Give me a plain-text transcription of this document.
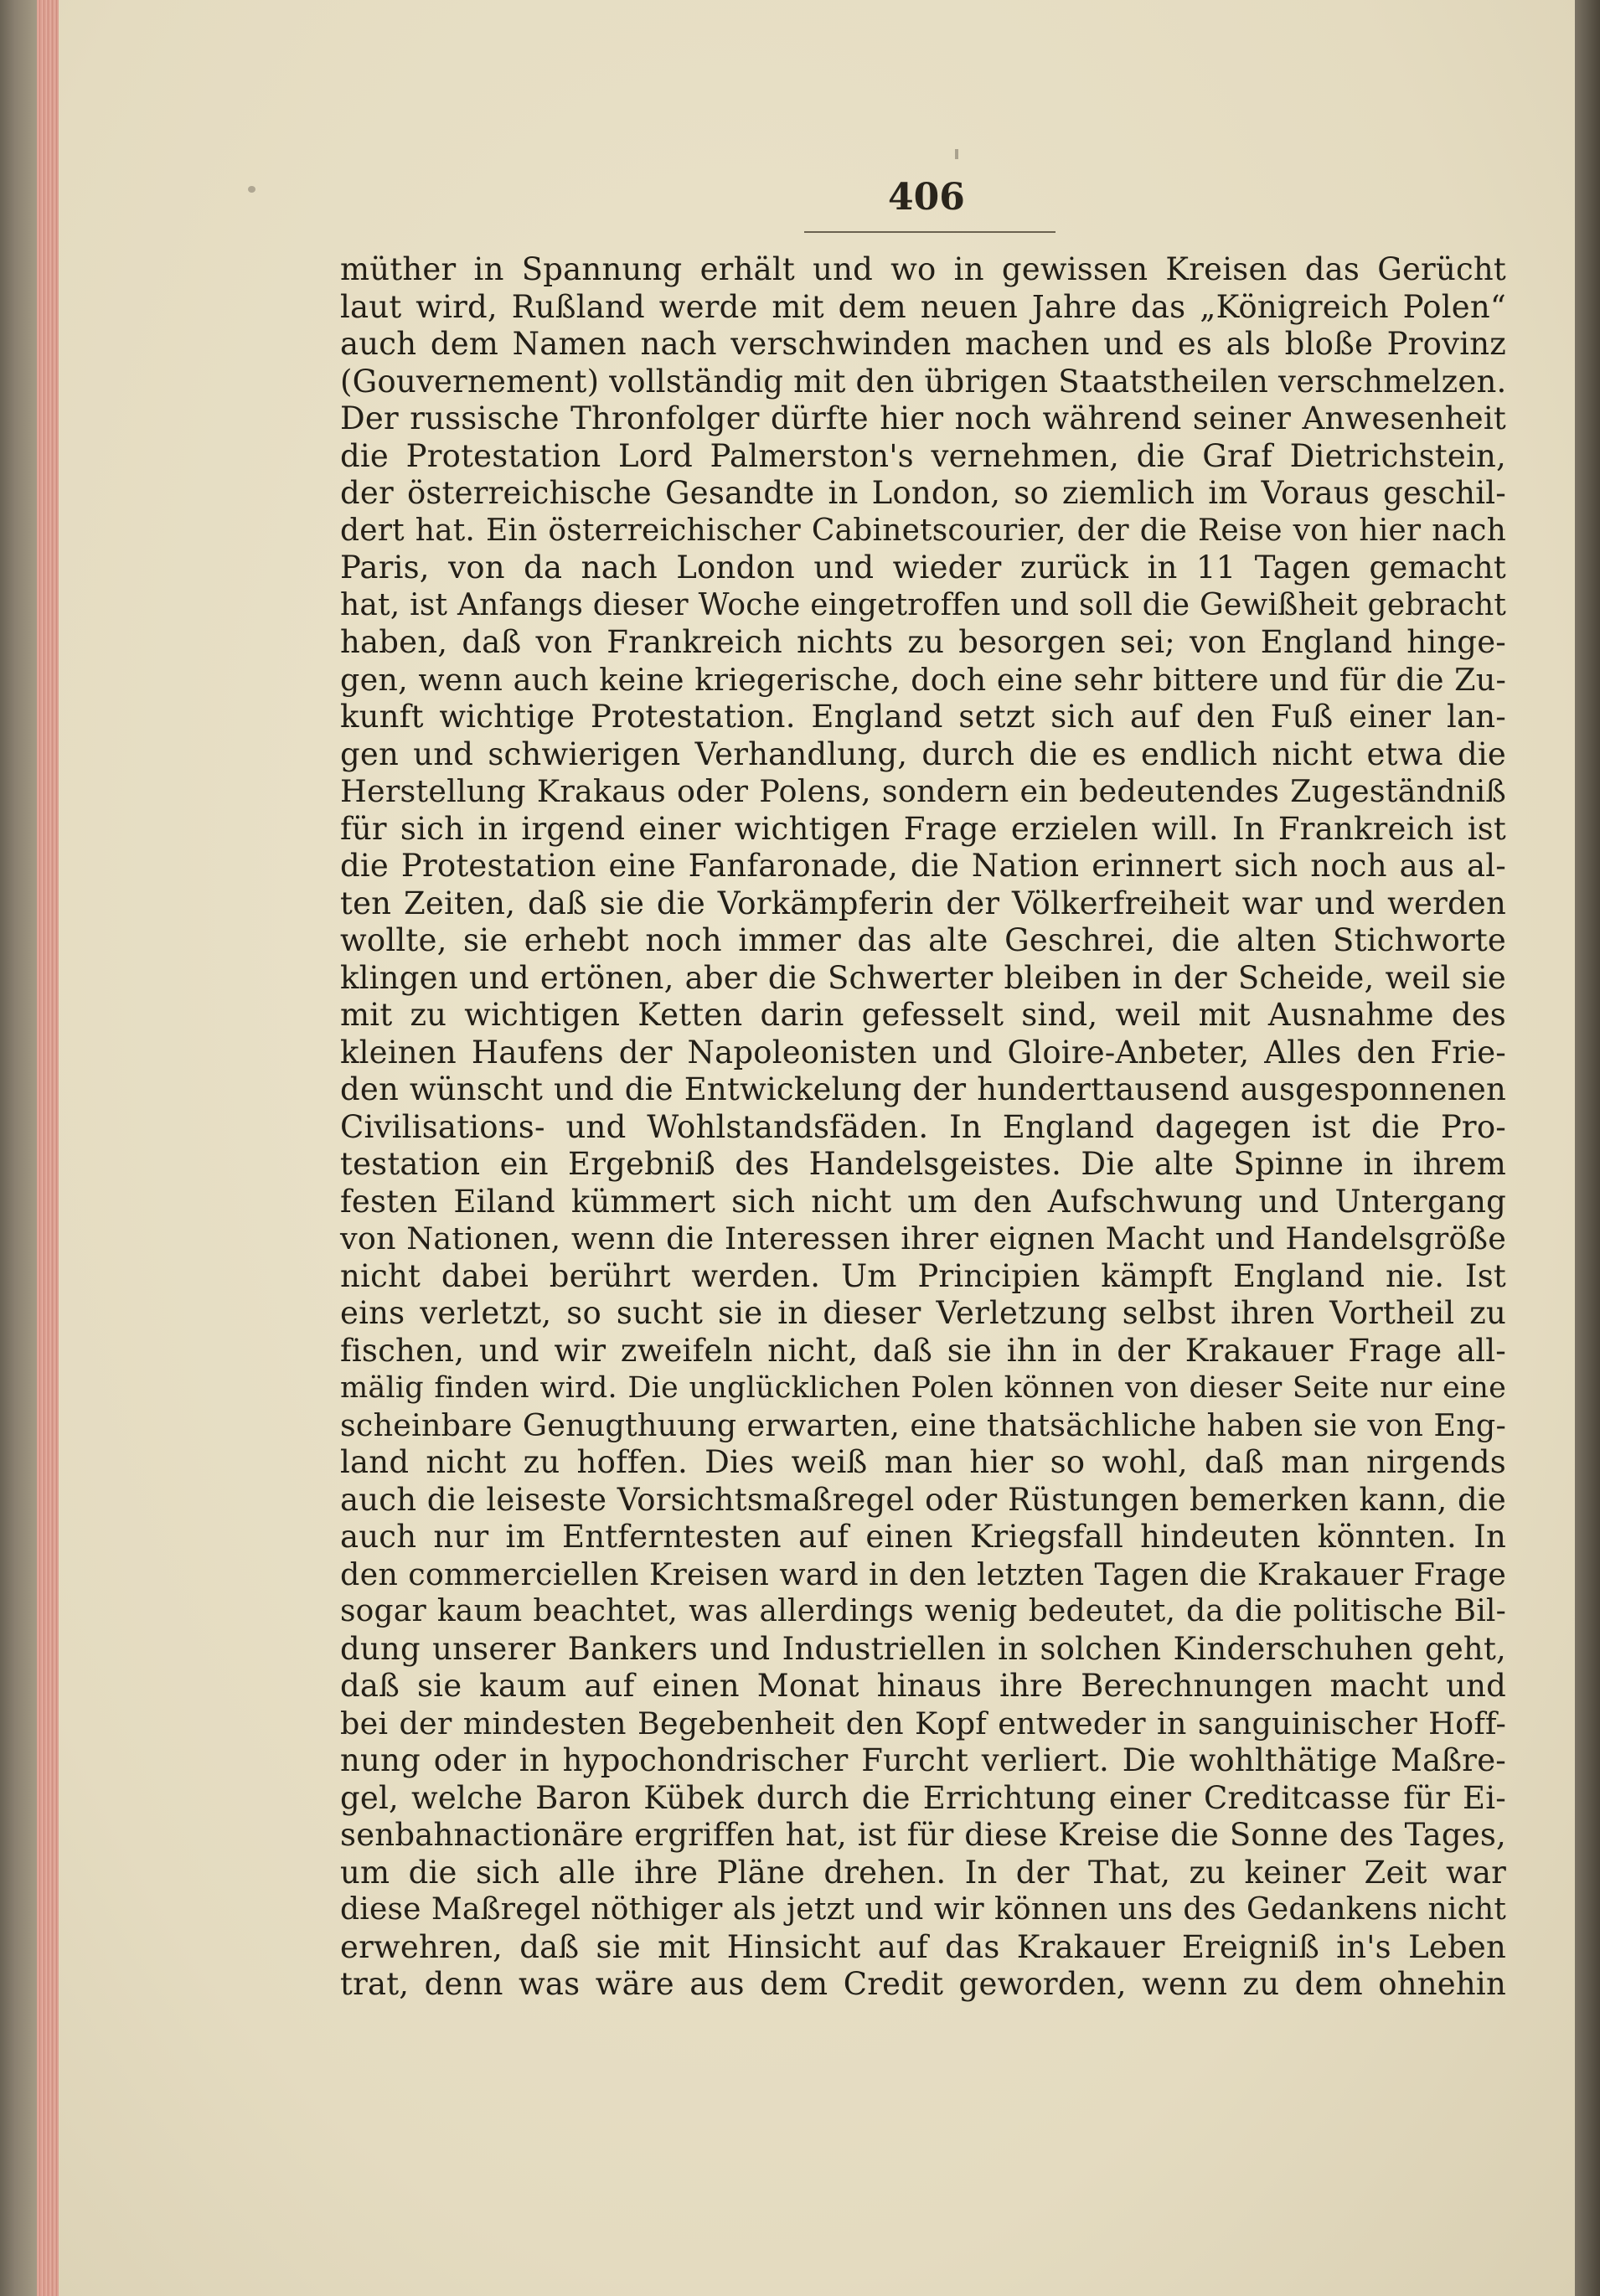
406
müther in Spannung erhält und wo in gewissen Kreisen das Gerücht
laut wird, Rußland werde mit dem neuen Jahre das „Königreich Polen“
auch dem Namen nach verschwinden machen und es als bloße Provinz
(Gouvernement) vollständig mit den übrigen Staatstheilen verschmelzen.
Der russische Thronfolger dürfte hier noch während seiner Anwesenheit
die Protestation Lord Palmerston's vernehmen, die Graf Dietrichstein,
der österreichische Gesandte in London, so ziemlich im Voraus geschil-
dert hat. Ein österreichischer Cabinetscourier, der die Reise von hier nach
Paris, von da nach London und wieder zurück in 11 Tagen gemacht
hat, ist Anfangs dieser Woche eingetroffen und soll die Gewißheit gebracht
haben, daß von Frankreich nichts zu besorgen sei; von England hinge-
gen, wenn auch keine kriegerische, doch eine sehr bittere und für die Zu-
kunft wichtige Protestation. England setzt sich auf den Fuß einer lan-
gen und schwierigen Verhandlung, durch die es endlich nicht etwa die
Herstellung Krakaus oder Polens, sondern ein bedeutendes Zugeständniß
für sich in irgend einer wichtigen Frage erzielen will. In Frankreich ist
die Protestation eine Fanfaronade, die Nation erinnert sich noch aus al-
ten Zeiten, daß sie die Vorkämpferin der Völkerfreiheit war und werden
wollte, sie erhebt noch immer das alte Geschrei, die alten Stichworte
klingen und ertönen, aber die Schwerter bleiben in der Scheide, weil sie
mit zu wichtigen Ketten darin gefesselt sind, weil mit Ausnahme des
kleinen Haufens der Napoleonisten und Gloire-Anbeter, Alles den Frie-
den wünscht und die Entwickelung der hunderttausend ausgesponnenen
Civilisations- und Wohlstandsfäden. In England dagegen ist die Pro-
testation ein Ergebniß des Handelsgeistes. Die alte Spinne in ihrem
festen Eiland kümmert sich nicht um den Aufschwung und Untergang
von Nationen, wenn die Interessen ihrer eignen Macht und Handelsgröße
nicht dabei berührt werden. Um Principien kämpft England nie. Ist
eins verletzt, so sucht sie in dieser Verletzung selbst ihren Vortheil zu
fischen, und wir zweifeln nicht, daß sie ihn in der Krakauer Frage all-
mälig finden wird. Die unglücklichen Polen können von dieser Seite nur eine
scheinbare Genugthuung erwarten, eine thatsächliche haben sie von Eng-
land nicht zu hoffen. Dies weiß man hier so wohl, daß man nirgends
auch die leiseste Vorsichtsmaßregel oder Rüstungen bemerken kann, die
auch nur im Entferntesten auf einen Kriegsfall hindeuten könnten. In
den commerciellen Kreisen ward in den letzten Tagen die Krakauer Frage
sogar kaum beachtet, was allerdings wenig bedeutet, da die politische Bil-
dung unserer Bankers und Industriellen in solchen Kinderschuhen geht,
daß sie kaum auf einen Monat hinaus ihre Berechnungen macht und
bei der mindesten Begebenheit den Kopf entweder in sanguinischer Hoff-
nung oder in hypochondrischer Furcht verliert. Die wohlthätige Maßre-
gel, welche Baron Kübek durch die Errichtung einer Creditcasse für Ei-
senbahnactionäre ergriffen hat, ist für diese Kreise die Sonne des Tages,
um die sich alle ihre Pläne drehen. In der That, zu keiner Zeit war
diese Maßregel nöthiger als jetzt und wir können uns des Gedankens nicht
erwehren, daß sie mit Hinsicht auf das Krakauer Ereigniß in's Leben
trat, denn was wäre aus dem Credit geworden, wenn zu dem ohnehin
